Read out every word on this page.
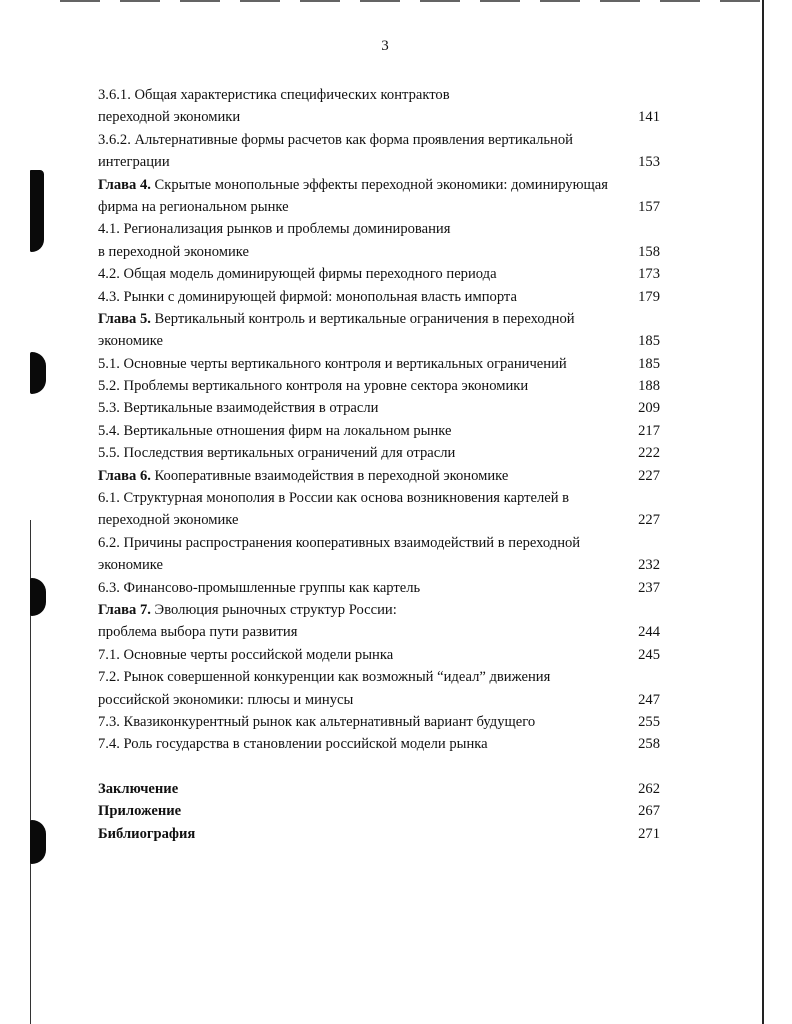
3
3.6.1. Общая характеристика специфических контрактов
переходной экономики	141
3.6.2. Альтернативные формы расчетов как форма проявления вертикальной
интеграции	153
Глава 4. Скрытые монопольные эффекты переходной экономики: доминирующая
фирма на региональном рынке	157
4.1. Регионализация рынков и проблемы доминирования
в переходной экономике	158
4.2. Общая модель доминирующей фирмы переходного периода	173
4.3. Рынки с доминирующей фирмой: монопольная власть импорта	179
Глава 5. Вертикальный контроль и вертикальные ограничения в переходной
экономике	185
5.1. Основные черты вертикального контроля и вертикальных ограничений	185
5.2. Проблемы вертикального контроля на уровне сектора экономики	188
5.3. Вертикальные взаимодействия в отрасли	209
5.4. Вертикальные отношения фирм на локальном рынке	217
5.5. Последствия вертикальных ограничений для отрасли	222
Глава 6. Кооперативные взаимодействия в переходной экономике	227
6.1. Структурная монополия в России как основа возникновения картелей в
переходной экономике	227
6.2. Причины распространения кооперативных взаимодействий в переходной
экономике	232
6.3. Финансово-промышленные группы как картель	237
Глава 7. Эволюция рыночных структур России:
проблема выбора пути развития	244
7.1. Основные черты российской модели рынка	245
7.2. Рынок совершенной конкуренции как возможный “идеал” движения
российской экономики: плюсы и минусы	247
7.3. Квазиконкурентный рынок как альтернативный вариант будущего	255
7.4. Роль государства в становлении российской модели рынка	258
Заключение	262
Приложение	267
Библиография	271
